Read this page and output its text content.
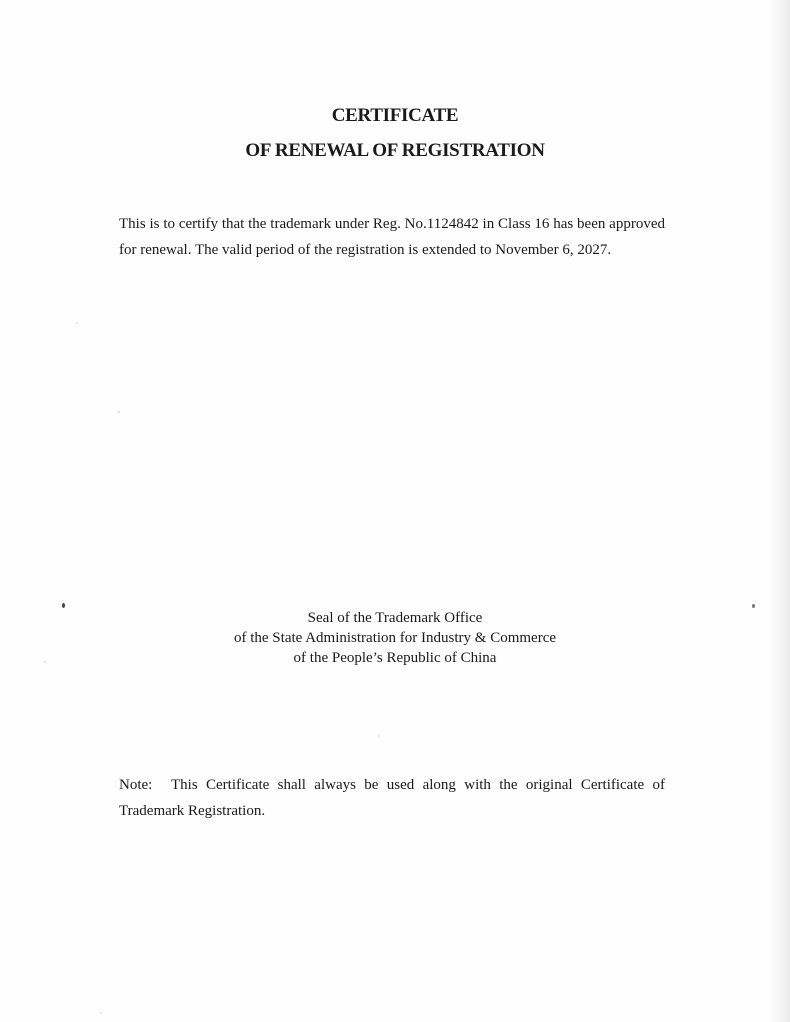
CERTIFICATE
OF RENEWAL OF REGISTRATION
This is to certify that the trademark under Reg. No.1124842 in Class 16 has been approved for renewal. The valid period of the registration is extended to November 6, 2027.
Seal of the Trademark Office
of the State Administration for Industry & Commerce
of the People’s Republic of China
Note: This Certificate shall always be used along with the original Certificate of Trademark Registration.
